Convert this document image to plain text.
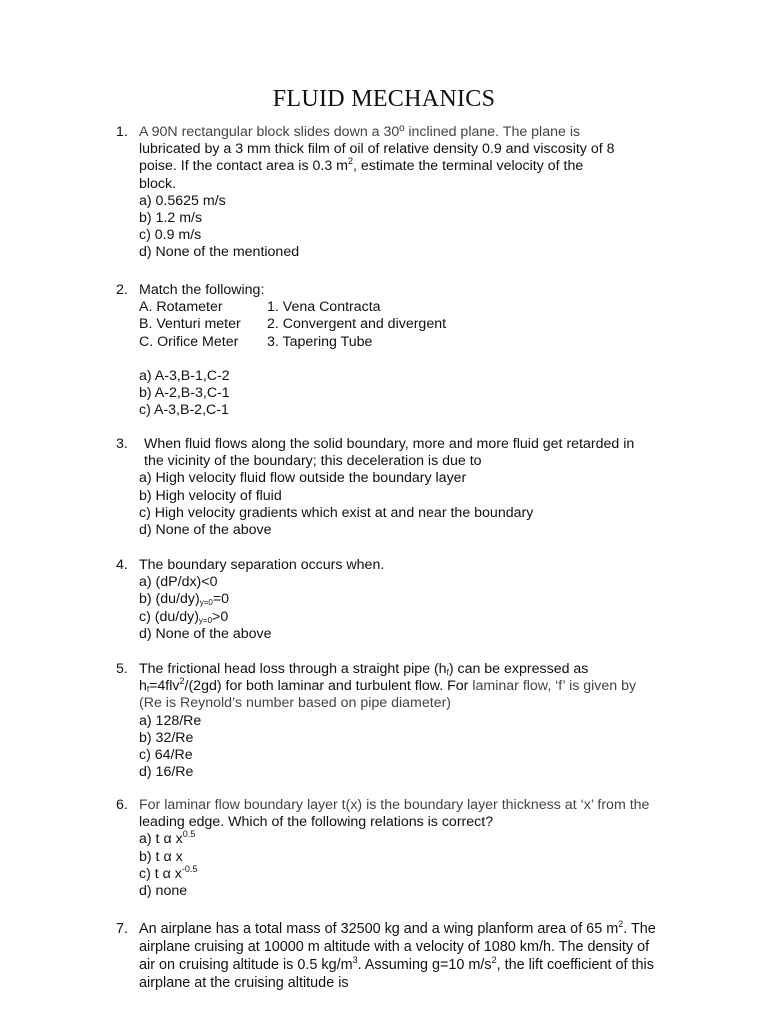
FLUID MECHANICS
1. A 90N rectangular block slides down a 30º inclined plane. The plane is
lubricated by a 3 mm thick film of oil of relative density 0.9 and viscosity of 8
poise. If the contact area is 0.3 $m^2$, estimate the terminal velocity of the
block.
a) 0.5625 m/s
b) 1.2 m/s
c) 0.9 m/s
d) None of the mentioned
2. Match the following:
A. Rotameter	1. Vena Contracta
B. Venturi meter	2. Convergent and divergent
C. Orifice Meter	3. Tapering Tube
a) A-3,B-1,C-2
b) A-2,B-3,C-1
c) A-3,B-2,C-1
3.	When fluid flows along the solid boundary, more and more fluid get retarded in
the vicinity of the boundary; this deceleration is due to
a) High velocity fluid flow outside the boundary layer
b) High velocity of fluid
c) High velocity gradients which exist at and near the boundary
d) None of the above
4. The boundary separation occurs when.
a) (dP/dx)<0
b) $(du/dy)_{y=0}=0$
c) $(du/dy)_{y=0}>0$
d) None of the above
5. The frictional head loss through a straight pipe $(h_f)$ can be expressed as
$h_f=4flv^2/(2gd)$ for both laminar and turbulent flow. For laminar flow, ‘f’ is given by
(Re is Reynold’s number based on pipe diameter)
a) 128/Re
b) 32/Re
c) 64/Re
d) 16/Re
6. For laminar flow boundary layer t(x) is the boundary layer thickness at ‘x’ from the
leading edge. Which of the following relations is correct?
a) t α $x^{0.5}$
b) t α x
c) t α $x^{-0.5}$
d) none
7. An airplane has a total mass of 32500 kg and a wing planform area of 65 $m^2$. The
airplane cruising at 10000 m altitude with a velocity of 1080 km/h. The density of
air on cruising altitude is 0.5 $kg/m^3$. Assuming g=10 $m/s^2$, the lift coefficient of this
airplane at the cruising altitude is
